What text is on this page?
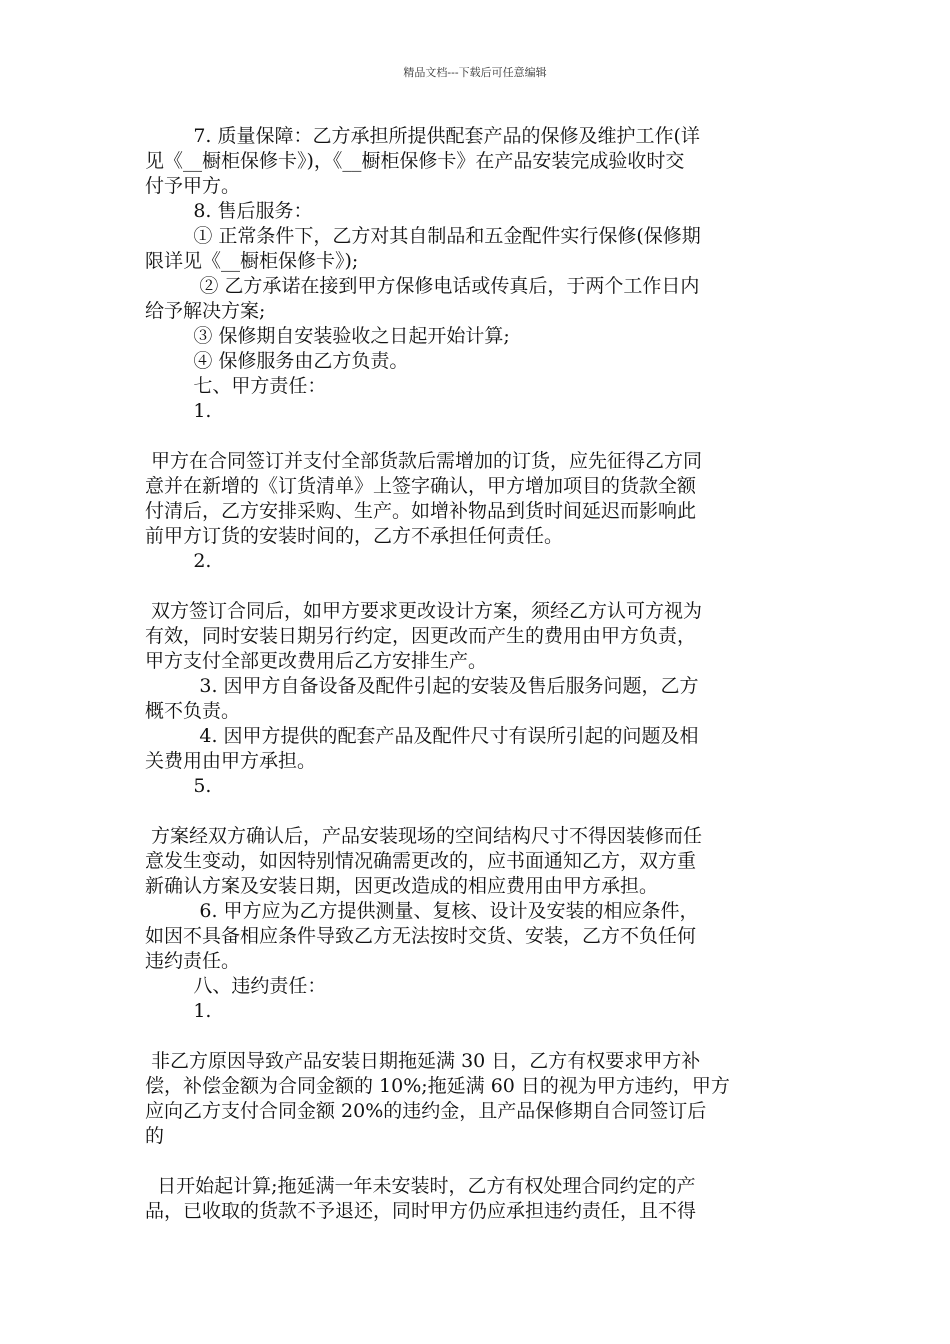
精品文档---下载后可任意编辑
7. 质量保障：乙方承担所提供配套产品的保修及维护工作(详
见《__橱柜保修卡》)，《__橱柜保修卡》在产品安装完成验收时交
付予甲方。
8. 售后服务：
① 正常条件下，乙方对其自制品和五金配件实行保修(保修期
限详见《__橱柜保修卡》);
② 乙方承诺在接到甲方保修电话或传真后，于两个工作日内
给予解决方案;
③ 保修期自安装验收之日起开始计算;
④ 保修服务由乙方负责。
七、甲方责任：
1.
甲方在合同签订并支付全部货款后需增加的订货，应先征得乙方同
意并在新增的《订货清单》上签字确认，甲方增加项目的货款全额
付清后，乙方安排采购、生产。如增补物品到货时间延迟而影响此
前甲方订货的安装时间的，乙方不承担任何责任。
2.
双方签订合同后，如甲方要求更改设计方案，须经乙方认可方视为
有效，同时安装日期另行约定，因更改而产生的费用由甲方负责，
甲方支付全部更改费用后乙方安排生产。
3. 因甲方自备设备及配件引起的安装及售后服务问题，乙方
概不负责。
4. 因甲方提供的配套产品及配件尺寸有误所引起的问题及相
关费用由甲方承担。
5.
方案经双方确认后，产品安装现场的空间结构尺寸不得因装修而任
意发生变动，如因特别情况确需更改的，应书面通知乙方，双方重
新确认方案及安装日期，因更改造成的相应费用由甲方承担。
6. 甲方应为乙方提供测量、复核、设计及安装的相应条件，
如因不具备相应条件导致乙方无法按时交货、安装，乙方不负任何
违约责任。
八、违约责任：
1.
非乙方原因导致产品安装日期拖延满 30 日，乙方有权要求甲方补
偿，补偿金额为合同金额的 10%;拖延满 60 日的视为甲方违约，甲方
应向乙方支付合同金额 20%的违约金，且产品保修期自合同签订后
的
日开始起计算;拖延满一年未安装时，乙方有权处理合同约定的产
品，已收取的货款不予退还，同时甲方仍应承担违约责任，且不得
